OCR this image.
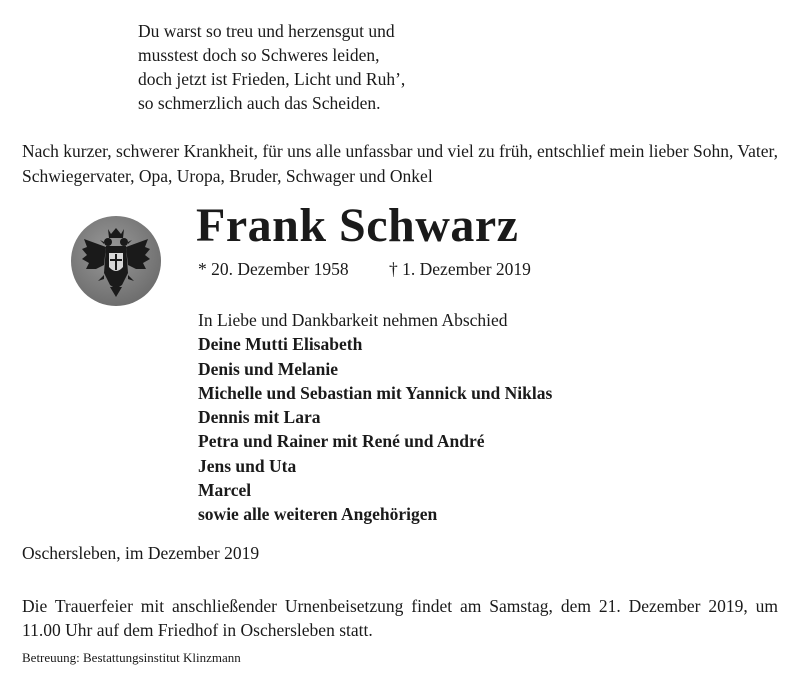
Du warst so treu und herzensgut und
musstest doch so Schweres leiden,
doch jetzt ist Frieden, Licht und Ruh’,
so schmerzlich auch das Scheiden.
Nach kurzer, schwerer Krankheit, für uns alle unfassbar und viel zu früh, entschlief mein lieber Sohn, Vater, Schwiegervater, Opa, Uropa, Bruder, Schwager und Onkel
Frank Schwarz
* 20. Dezember 1958 † 1. Dezember 2019
In Liebe und Dankbarkeit nehmen Abschied
Deine Mutti Elisabeth
Denis und Melanie
Michelle und Sebastian mit Yannick und Niklas
Dennis mit Lara
Petra und Rainer mit René und André
Jens und Uta
Marcel
sowie alle weiteren Angehörigen
Oschersleben, im Dezember 2019
Die Trauerfeier mit anschließender Urnenbeisetzung findet am Samstag, dem 21. Dezember 2019, um 11.00 Uhr auf dem Friedhof in Oschersleben statt.
Betreuung: Bestattungsinstitut Klinzmann
